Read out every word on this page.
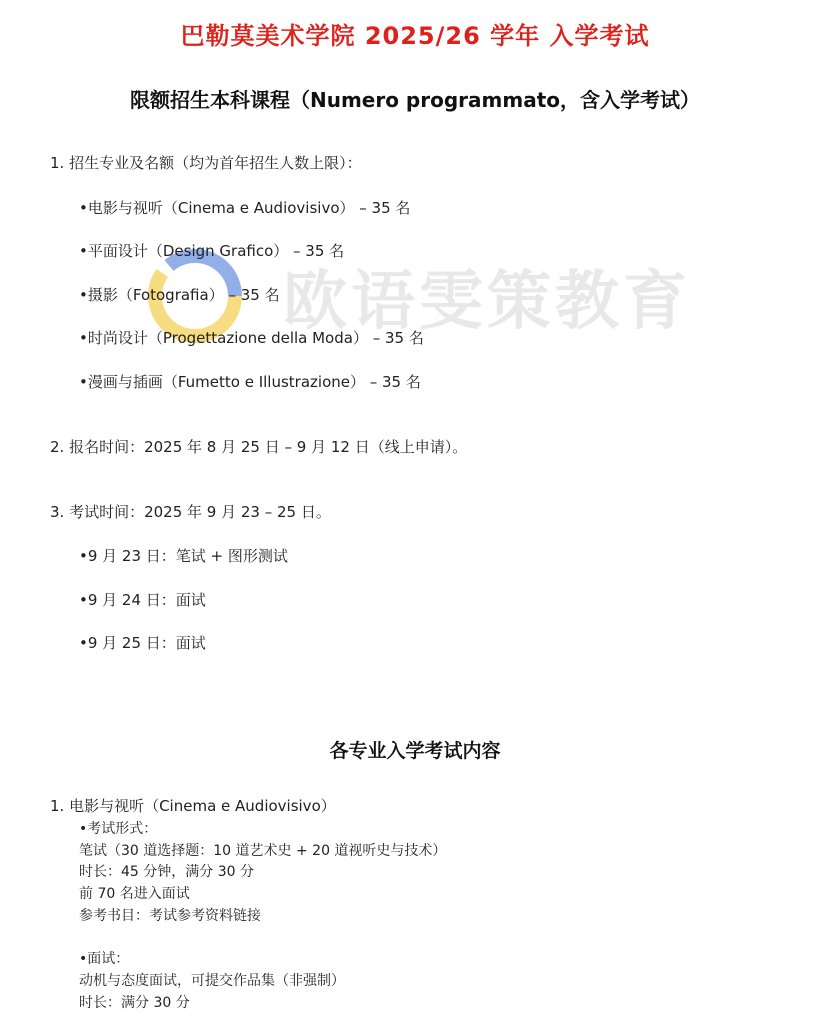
巴勒莫美术学院 2025/26 学年 入学考试
限额招生本科课程（Numero programmato，含入学考试）
欧语雯策教育
1. 招生专业及名额（均为首年招生人数上限）：
•电影与视听（Cinema e Audiovisivo） – 35 名
•平面设计（Design Grafico） – 35 名
•摄影（Fotografia） – 35 名
•时尚设计（Progettazione della Moda） – 35 名
•漫画与插画（Fumetto e Illustrazione） – 35 名
2. 报名时间：2025 年 8 月 25 日 – 9 月 12 日（线上申请）。
3. 考试时间：2025 年 9 月 23 – 25 日。
•9 月 23 日：笔试 + 图形测试
•9 月 24 日：面试
•9 月 25 日：面试
各专业入学考试内容
1. 电影与视听（Cinema e Audiovisivo）
•考试形式：
笔试（30 道选择题：10 道艺术史 + 20 道视听史与技术）
时长：45 分钟，满分 30 分
前 70 名进入面试
参考书目：考试参考资料链接
•面试：
动机与态度面试，可提交作品集（非强制）
时长：满分 30 分
